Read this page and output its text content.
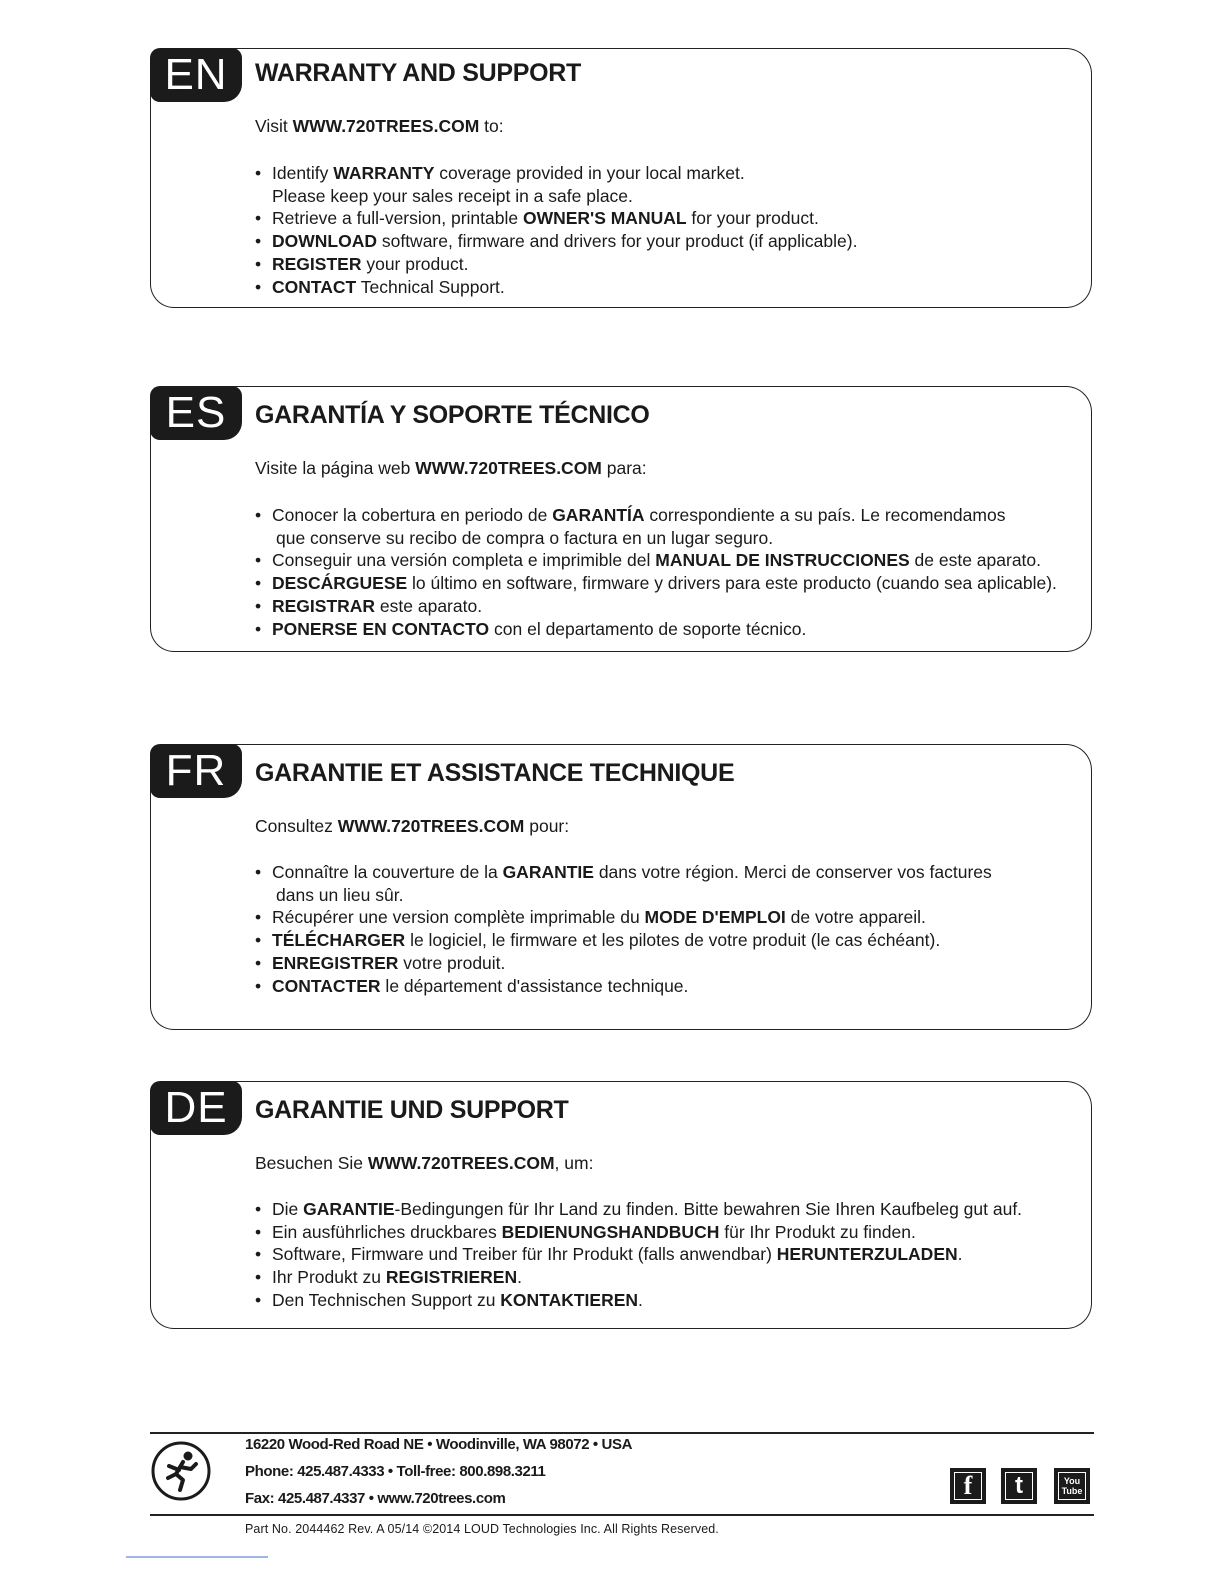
EN	WARRANTY AND SUPPORT
Visit WWW.720TREES.COM to:
• Identify WARRANTY coverage provided in your local market.
Please keep your sales receipt in a safe place.
• Retrieve a full-version, printable OWNER'S MANUAL for your product.
• DOWNLOAD software, firmware and drivers for your product (if applicable).
• REGISTER your product.
• CONTACT Technical Support.
ES	GARANTÍA Y SOPORTE TÉCNICO
Visite la página web WWW.720TREES.COM para:
• Conocer la cobertura en periodo de GARANTÍA correspondiente a su país. Le recomendamos
que conserve su recibo de compra o factura en un lugar seguro.
• Conseguir una versión completa e imprimible del MANUAL DE INSTRUCCIONES de este aparato.
• DESCÁRGUESE lo último en software, firmware y drivers para este producto (cuando sea aplicable).
• REGISTRAR este aparato.
• PONERSE EN CONTACTO con el departamento de soporte técnico.
FR	GARANTIE ET ASSISTANCE TECHNIQUE
Consultez WWW.720TREES.COM pour:
• Connaître la couverture de la GARANTIE dans votre région. Merci de conserver vos factures
dans un lieu sûr.
• Récupérer une version complète imprimable du MODE D'EMPLOI de votre appareil.
• TÉLÉCHARGER le logiciel, le firmware et les pilotes de votre produit (le cas échéant).
• ENREGISTRER votre produit.
• CONTACTER le département d'assistance technique.
DE	GARANTIE UND SUPPORT
Besuchen Sie WWW.720TREES.COM, um:
• Die GARANTIE-Bedingungen für Ihr Land zu finden. Bitte bewahren Sie Ihren Kaufbeleg gut auf.
• Ein ausführliches druckbares BEDIENUNGSHANDBUCH für Ihr Produkt zu finden.
• Software, Firmware und Treiber für Ihr Produkt (falls anwendbar) HERUNTERZULADEN.
• Ihr Produkt zu REGISTRIEREN.
• Den Technischen Support zu KONTAKTIEREN.
16220 Wood-Red Road NE • Woodinville, WA 98072 • USA
Phone: 425.487.4333 • Toll-free: 800.898.3211
Fax: 425.487.4337 • www.720trees.com	f	t	You Tube
Part No. 2044462 Rev. A 05/14 ©2014 LOUD Technologies Inc. All Rights Reserved.
